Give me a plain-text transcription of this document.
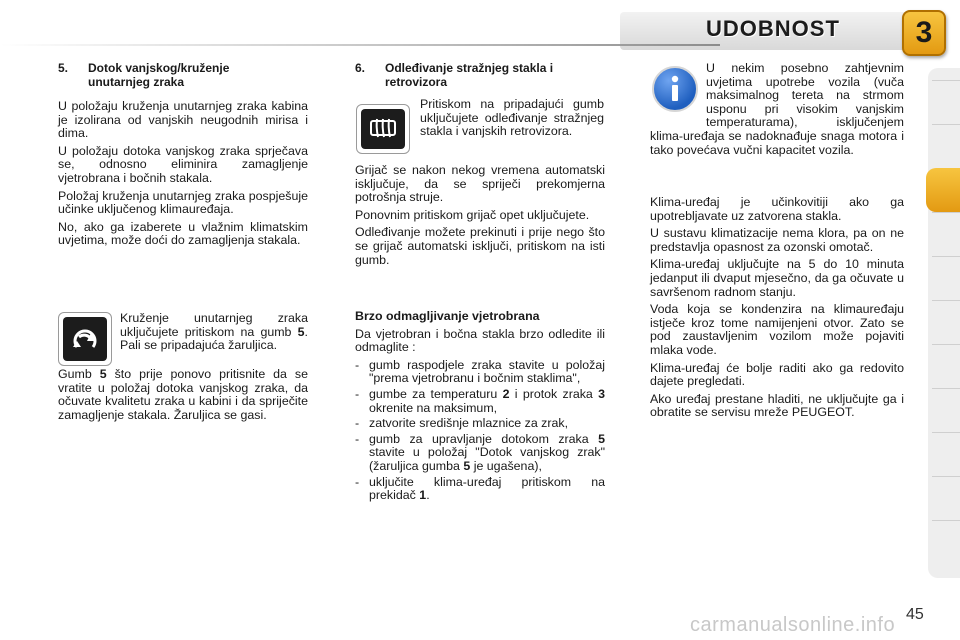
UDOBNOST	3
5. Dotok vanjskog/kruženje
unutarnjeg zraka

U položaju kruženja unutarnjeg zraka kabina je izolirana od vanjskih neugodnih mirisa i dima.

U položaju dotoka vanjskog zraka sprječava se, odnosno eliminira zamagljenje vjetrobrana i bočnih stakala.

Položaj kruženja unutarnjeg zraka pospješuje učinke uključenog klimauređaja.

No, ako ga izaberete u vlažnim klimatskim uvjetima, može doći do zamagljenja stakala.

Kruženje unutarnjeg zraka uključujete pritiskom na gumb 5. Pali se pripadajuća žaruljica.

Gumb 5 što prije ponovo pritisnite da se vratite u položaj dotoka vanjskog zraka, da očuvate kvalitetu zraka u kabini i da spriječite zamagljenje stakala. Žaruljica se gasi.

6. Odleđivanje stražnjeg stakla i
retrovizora

Pritiskom na pripadajući gumb uključujete odleđivanje stražnjeg stakla i vanjskih retrovizora.

Grijač se nakon nekog vremena automatski isključuje, da se spriječi prekomjerna potrošnja struje.

Ponovnim pritiskom grijač opet uključujete.

Odleđivanje možete prekinuti i prije nego što se grijač automatski isključi, pritiskom na isti gumb.

Brzo odmagljivanje vjetrobrana

Da vjetrobran i bočna stakla brzo odledite ili odmaglite :

- gumb raspodjele zraka stavite u položaj "prema vjetrobranu i bočnim staklima",
- gumbe za temperaturu 2 i protok zraka 3 okrenite na maksimum,
- zatvorite središnje mlaznice za zrak,
- gumb za upravljanje dotokom zraka 5 stavite u položaj "Dotok vanjskog zrak" (žaruljica gumba 5 je ugašena),
- uključite klima-uređaj pritiskom na prekidač 1.

U nekim posebno zahtjevnim uvjetima upotrebe vozila (vuča maksimalnog tereta na strmom usponu pri visokim vanjskim temperaturama), isključenjem klima-uređaja se nadoknađuje snaga motora i tako povećava vučni kapacitet vozila.

Klima-uređaj je učinkovitiji ako ga upotrebljavate uz zatvorena stakla.

U sustavu klimatizacije nema klora, pa on ne predstavlja opasnost za ozonski omotač.

Klima-uređaj uključujte na 5 do 10 minuta jedanput ili dvaput mjesečno, da ga očuvate u savršenom radnom stanju.

Voda koja se kondenzira na klimauređaju istječe kroz tome namijenjeni otvor. Zato se pod zaustavljenim vozilom može pojaviti mlaka vode.

Klima-uređaj će bolje raditi ako ga redovito dajete pregledati.

Ako uređaj prestane hladiti, ne uključujte ga i obratite se servisu mreže PEUGEOT.

carmanualsonline.info 45
